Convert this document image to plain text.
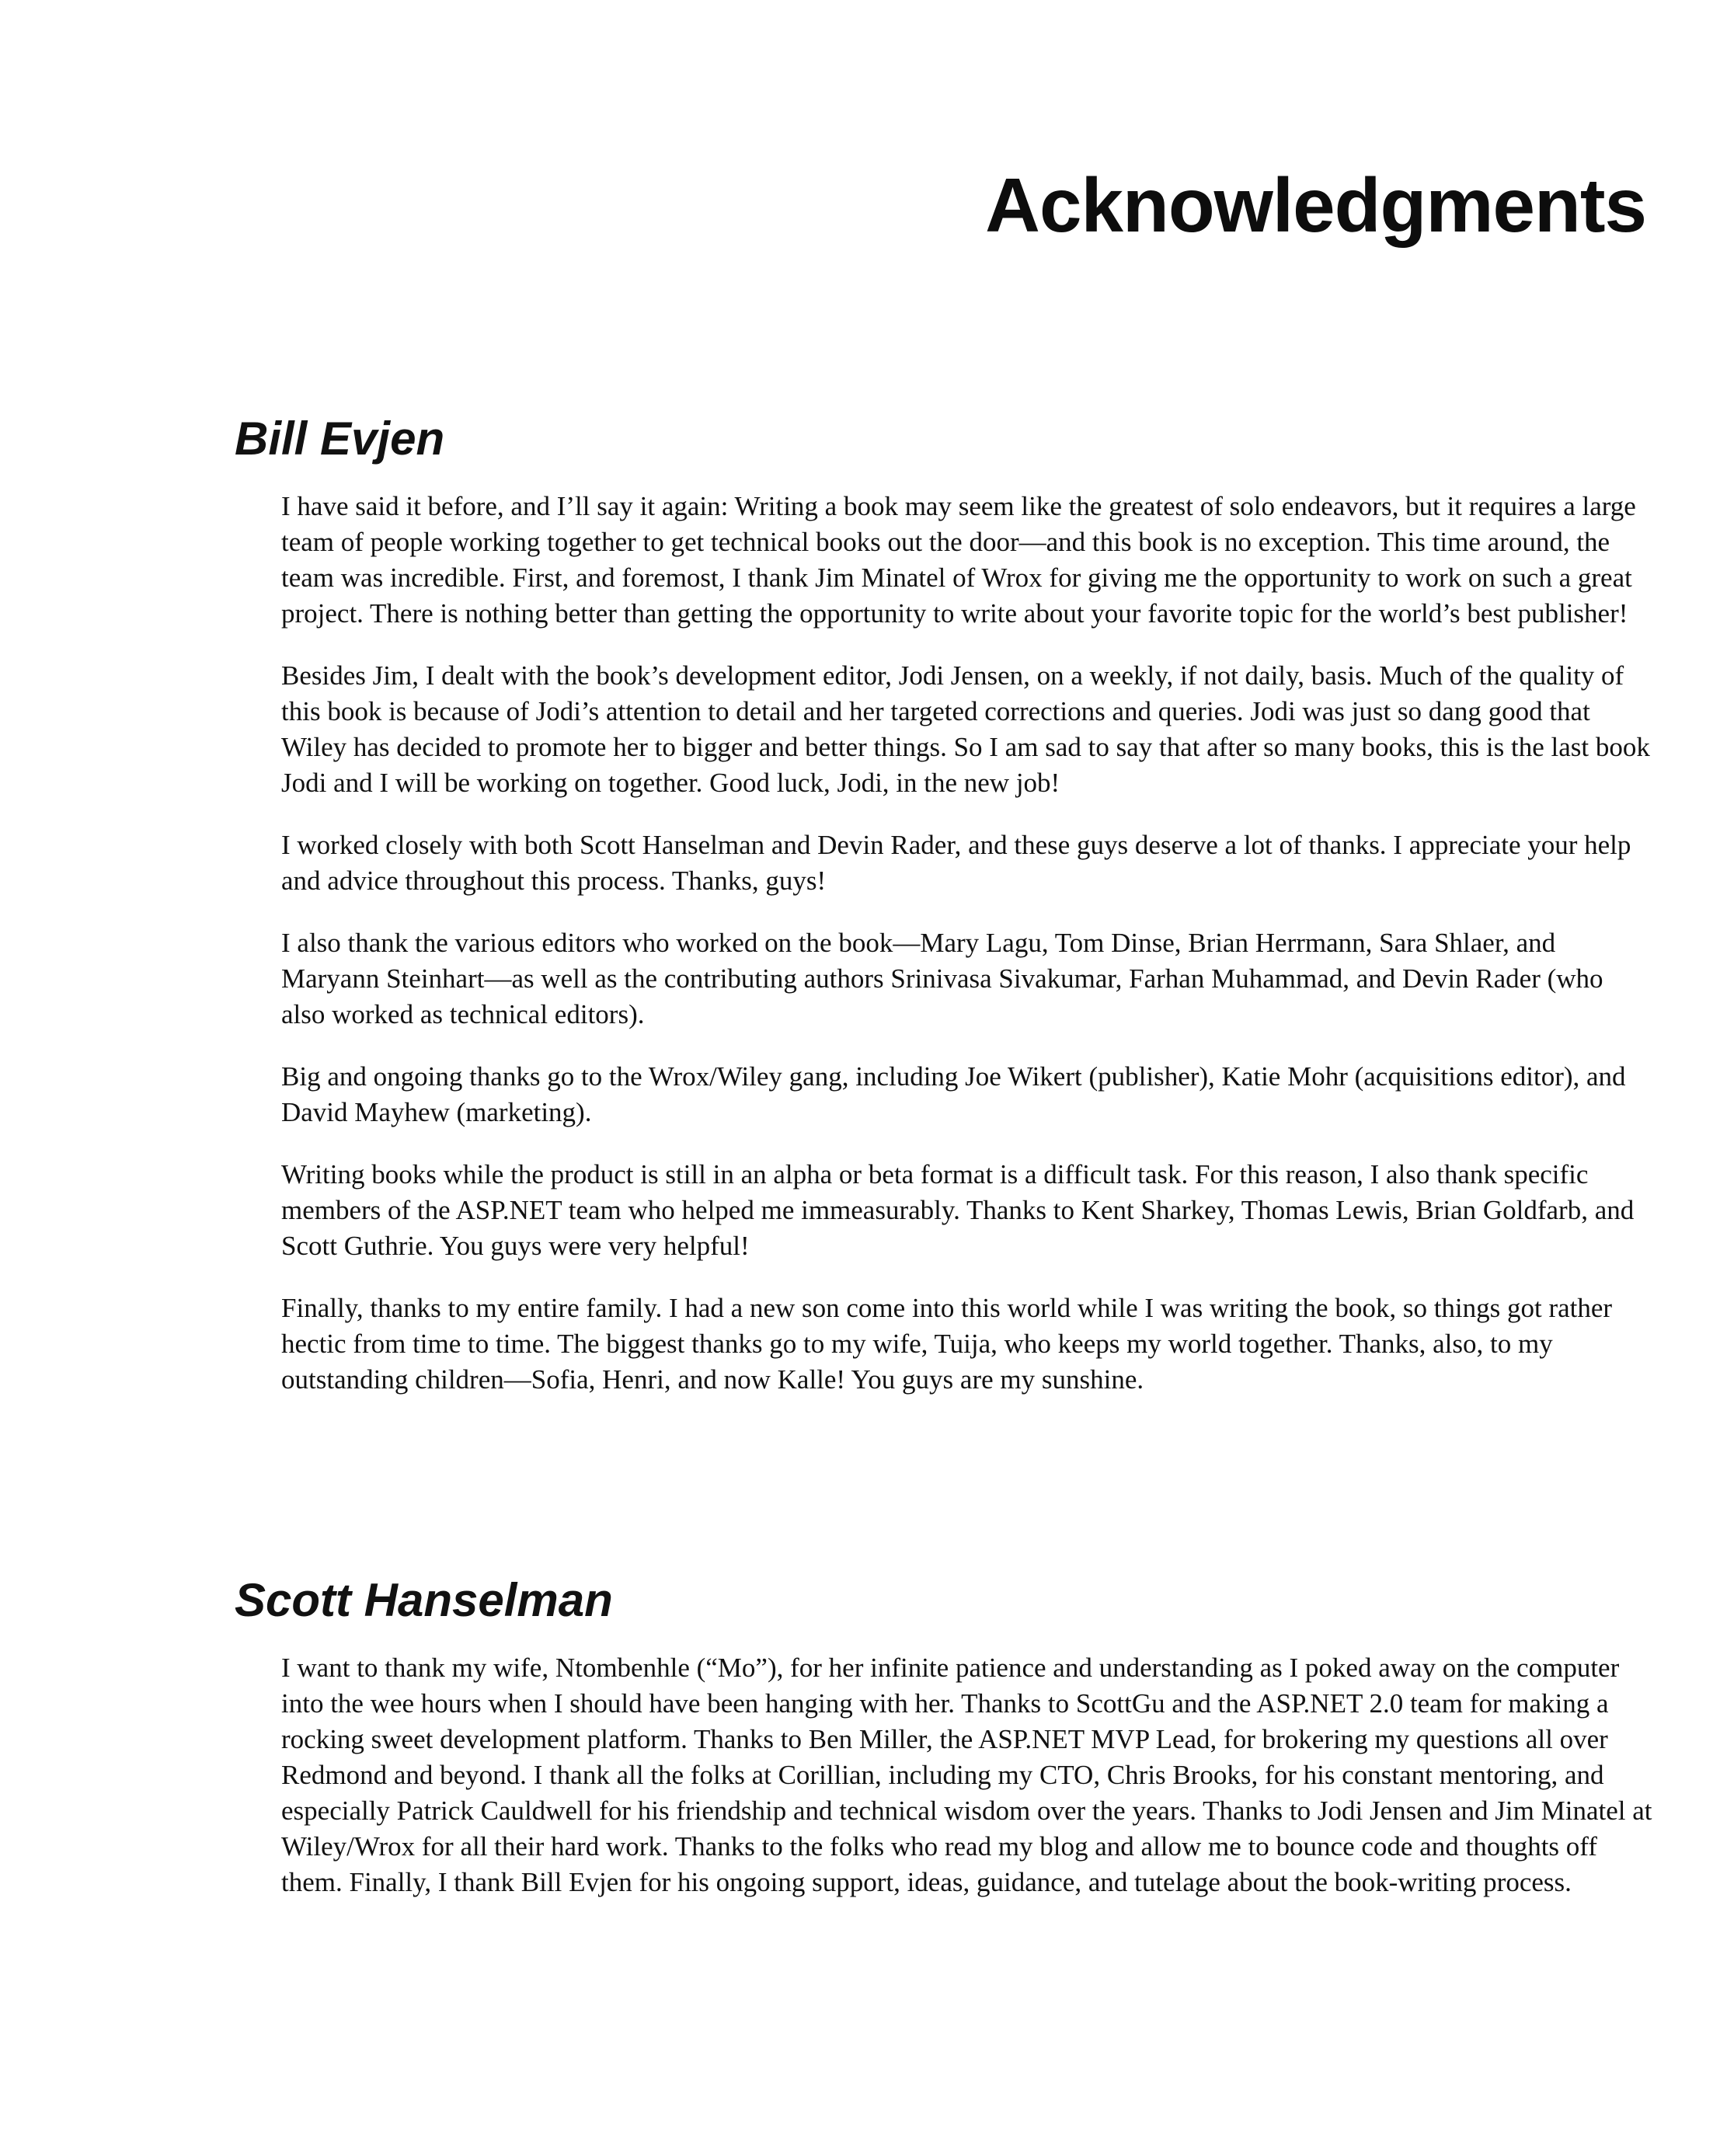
Acknowledgments
Bill Evjen

I have said it before, and I’ll say it again: Writing a book may seem like the greatest of solo endeavors, but it requires a large team of people working together to get technical books out the door—and this book is no exception. This time around, the team was incredible. First, and foremost, I thank Jim Minatel of Wrox for giving me the opportunity to work on such a great project. There is nothing better than getting the opportunity to write about your favorite topic for the world’s best publisher!

Besides Jim, I dealt with the book’s development editor, Jodi Jensen, on a weekly, if not daily, basis. Much of the quality of this book is because of Jodi’s attention to detail and her targeted corrections and queries. Jodi was just so dang good that Wiley has decided to promote her to bigger and better things. So I am sad to say that after so many books, this is the last book Jodi and I will be working on together. Good luck, Jodi, in the new job!

I worked closely with both Scott Hanselman and Devin Rader, and these guys deserve a lot of thanks. I appreciate your help and advice throughout this process. Thanks, guys!

I also thank the various editors who worked on the book—Mary Lagu, Tom Dinse, Brian Herrmann, Sara Shlaer, and Maryann Steinhart—as well as the contributing authors Srinivasa Sivakumar, Farhan Muhammad, and Devin Rader (who also worked as technical editors).

Big and ongoing thanks go to the Wrox/Wiley gang, including Joe Wikert (publisher), Katie Mohr (acquisitions editor), and David Mayhew (marketing).

Writing books while the product is still in an alpha or beta format is a difficult task. For this reason, I also thank specific members of the ASP.NET team who helped me immeasurably. Thanks to Kent Sharkey, Thomas Lewis, Brian Goldfarb, and Scott Guthrie. You guys were very helpful!

Finally, thanks to my entire family. I had a new son come into this world while I was writing the book, so things got rather hectic from time to time. The biggest thanks go to my wife, Tuija, who keeps my world together. Thanks, also, to my outstanding children—Sofia, Henri, and now Kalle! You guys are my sunshine.

Scott Hanselman

I want to thank my wife, Ntombenhle (“Mo”), for her infinite patience and understanding as I poked away on the computer into the wee hours when I should have been hanging with her. Thanks to ScottGu and the ASP.NET 2.0 team for making a rocking sweet development platform. Thanks to Ben Miller, the ASP.NET MVP Lead, for brokering my questions all over Redmond and beyond. I thank all the folks at Corillian, including my CTO, Chris Brooks, for his constant mentoring, and especially Patrick Cauldwell for his friendship and technical wisdom over the years. Thanks to Jodi Jensen and Jim Minatel at Wiley/Wrox for all their hard work. Thanks to the folks who read my blog and allow me to bounce code and thoughts off them. Finally, I thank Bill Evjen for his ongoing support, ideas, guidance, and tutelage about the book-writing process.
